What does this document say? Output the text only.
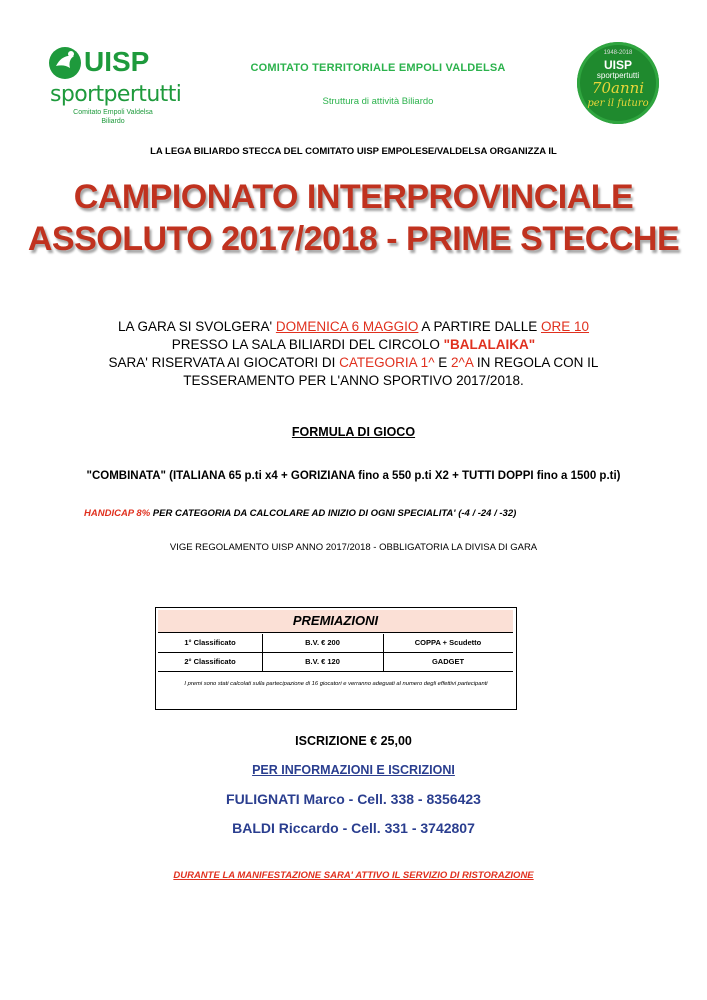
UISP
sportpertutti
Comitato Empoli Valdelsa
Biliardo
COMITATO TERRITORIALE EMPOLI VALDELSA
Struttura di attività Biliardo
1948-2018
UISP
sportpertutti
70anni
per il futuro
LA LEGA BILIARDO STECCA DEL COMITATO UISP EMPOLESE/VALDELSA ORGANIZZA IL
CAMPIONATO INTERPROVINCIALE
ASSOLUTO 2017/2018 - PRIME STECCHE
LA GARA SI SVOLGERA' DOMENICA 6 MAGGIO A PARTIRE DALLE ORE 10
PRESSO LA SALA BILIARDI DEL CIRCOLO "BALALAIKA"
SARA' RISERVATA AI GIOCATORI DI CATEGORIA 1^ E 2^A IN REGOLA CON IL
TESSERAMENTO PER L'ANNO SPORTIVO 2017/2018.
FORMULA DI GIOCO
"COMBINATA" (ITALIANA 65 p.ti x4 + GORIZIANA fino a 550 p.ti X2 + TUTTI DOPPI fino a 1500 p.ti)
HANDICAP 8% PER CATEGORIA DA CALCOLARE AD INIZIO DI OGNI SPECIALITA' (-4 / -24 / -32)
VIGE REGOLAMENTO UISP ANNO 2017/2018 - OBBLIGATORIA LA DIVISA DI GARA
PREMIAZIONI
1° Classificato	B.V. € 200	COPPA + Scudetto
2° Classificato	B.V. € 120	GADGET
I premi sono stati calcolati sulla partecipazione di 16 giocatori e verranno adeguati al numero degli effettivi partecipanti
ISCRIZIONE € 25,00
PER INFORMAZIONI E ISCRIZIONI
FULIGNATI Marco - Cell. 338 - 8356423
BALDI Riccardo - Cell. 331 - 3742807
DURANTE LA MANIFESTAZIONE SARA' ATTIVO IL SERVIZIO DI RISTORAZIONE
